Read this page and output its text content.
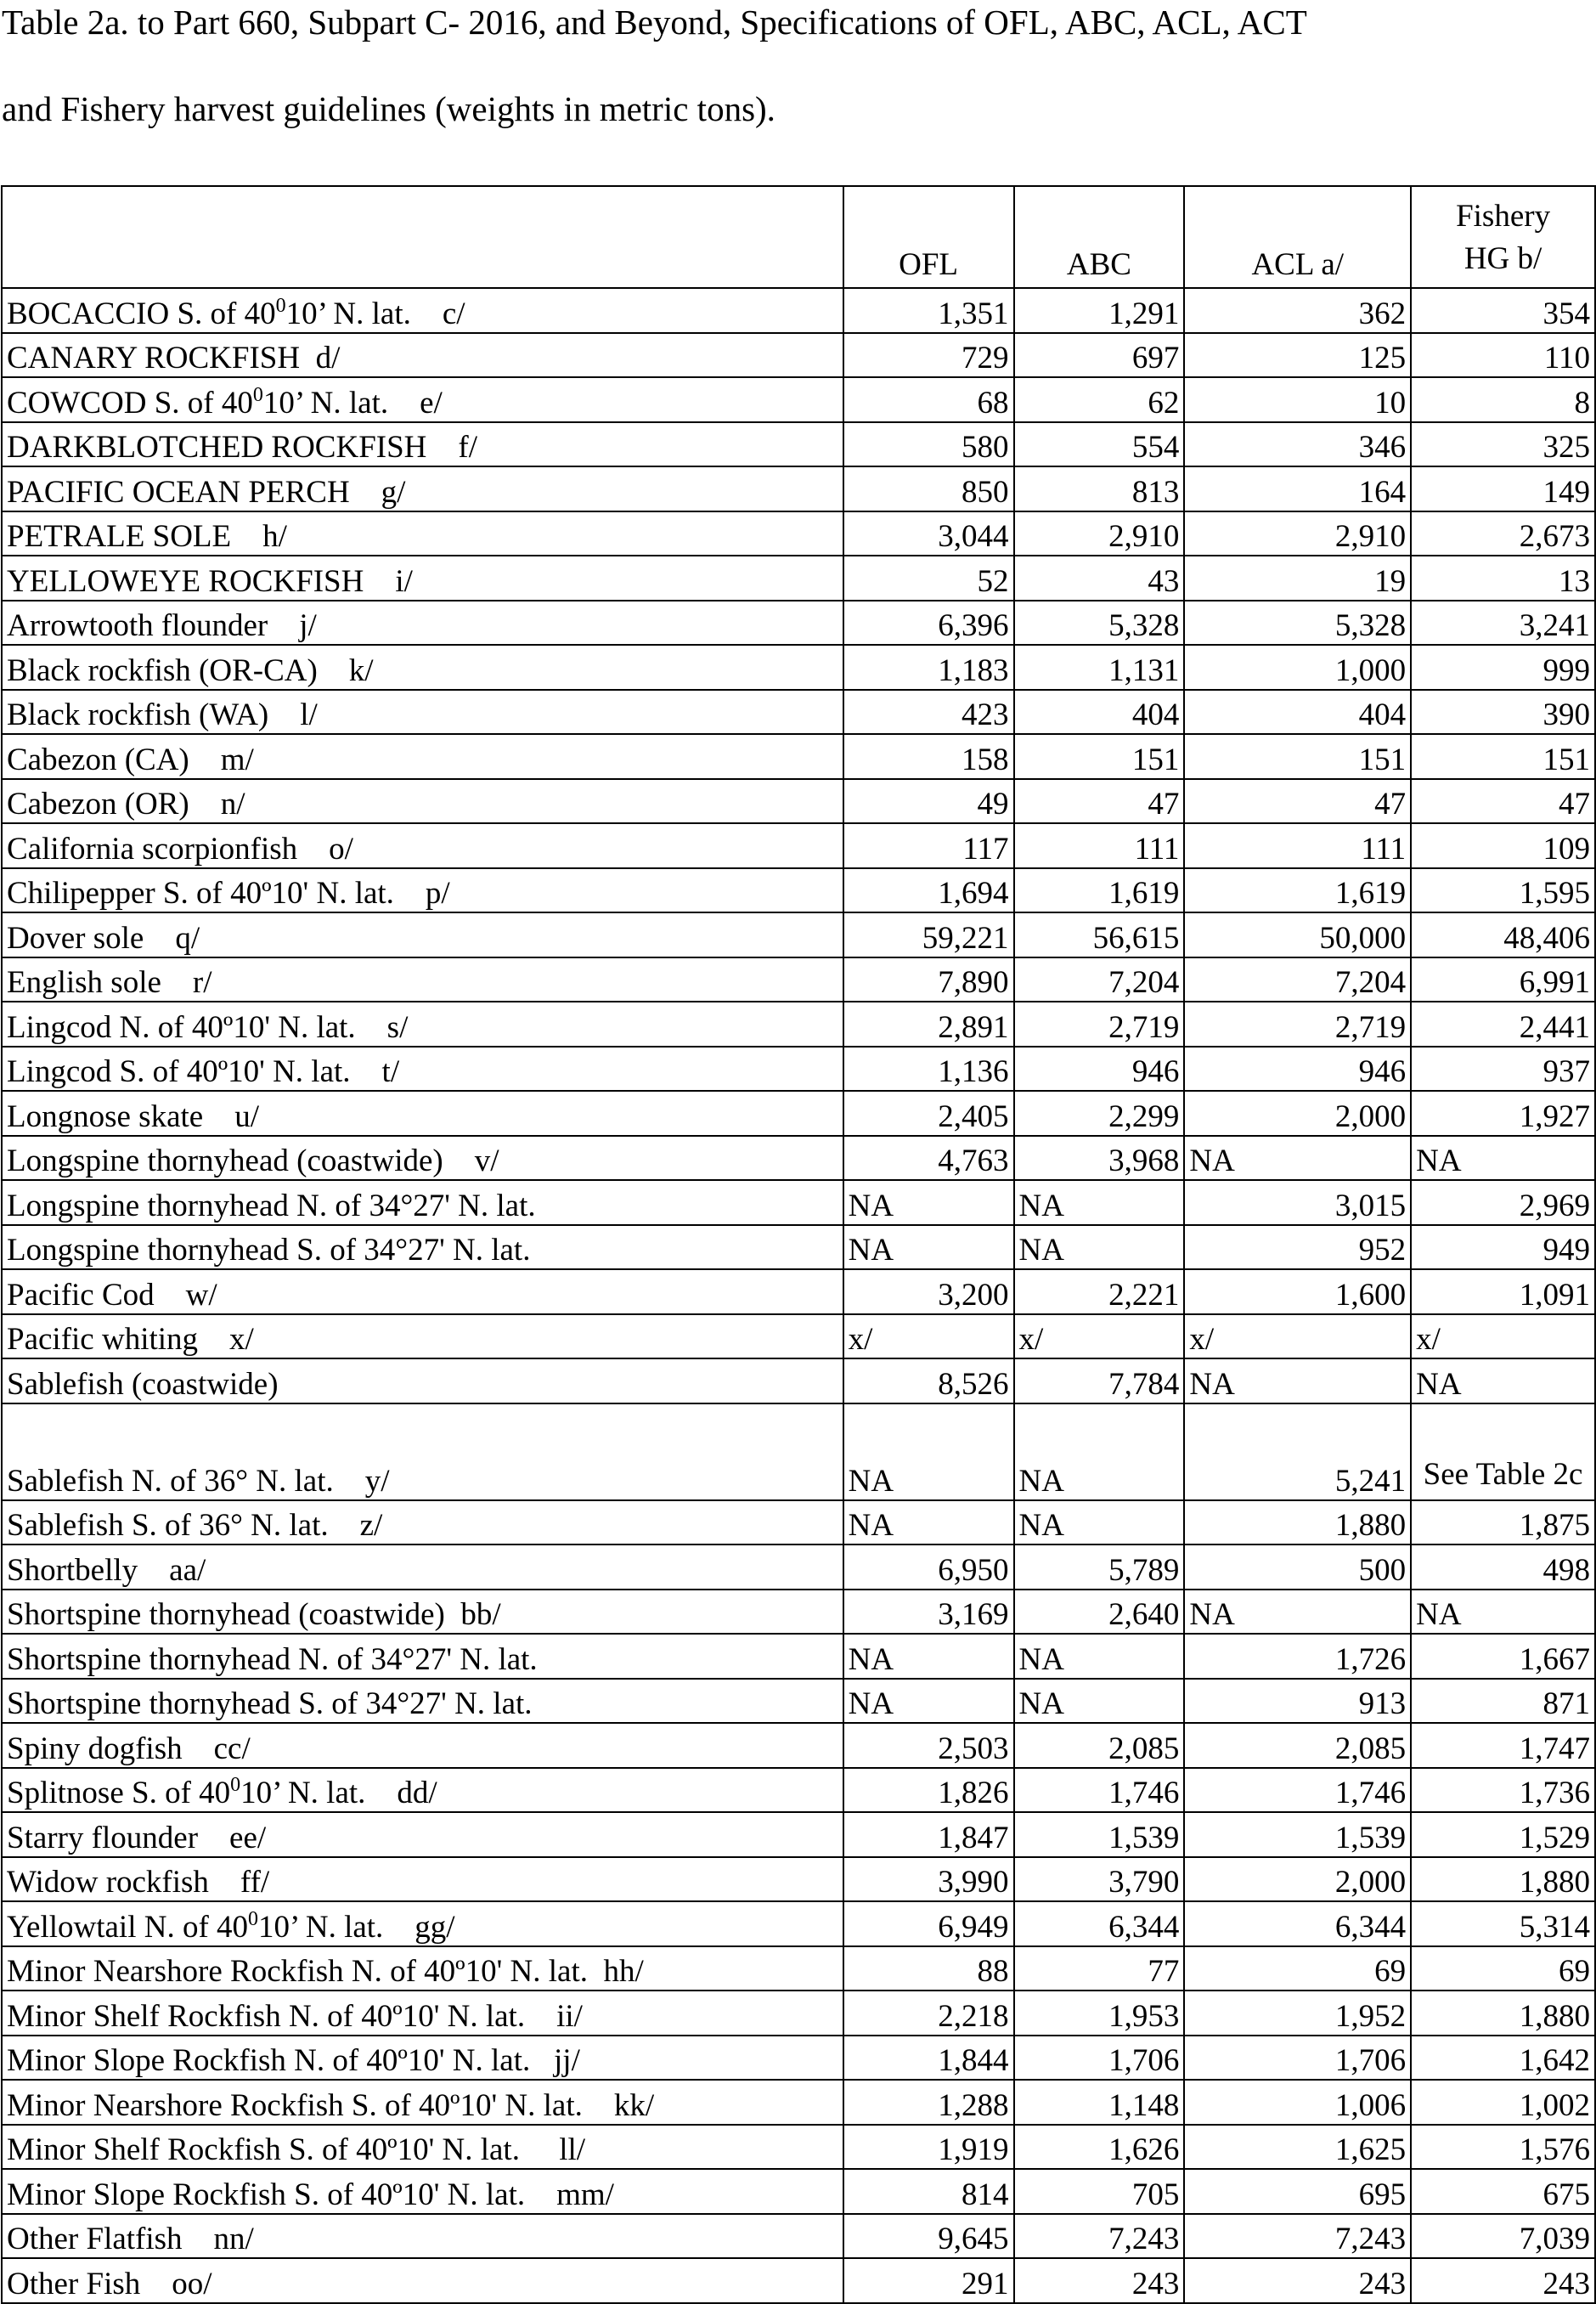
Table 2a. to Part 660, Subpart C- 2016, and Beyond, Specifications of OFL, ABC, ACL, ACT
and Fishery harvest guidelines (weights in metric tons).
	OFL	ABC	ACL a/	Fishery
HG b/
BOCACCIO S. of $40^010$’ N. lat.    c/	1,351	1,291	362	354
CANARY ROCKFISH  d/	729	697	125	110
COWCOD S. of $40^010$’ N. lat.    e/	68	62	10	8
DARKBLOTCHED ROCKFISH    f/	580	554	346	325
PACIFIC OCEAN PERCH    g/	850	813	164	149
PETRALE SOLE    h/	3,044	2,910	2,910	2,673
YELLOWEYE ROCKFISH    i/	52	43	19	13
Arrowtooth flounder    j/	6,396	5,328	5,328	3,241
Black rockfish (OR-CA)    k/	1,183	1,131	1,000	999
Black rockfish (WA)    l/	423	404	404	390
Cabezon (CA)    m/	158	151	151	151
Cabezon (OR)    n/	49	47	47	47
California scorpionfish    o/	117	111	111	109
Chilipepper S. of 40º10' N. lat.    p/	1,694	1,619	1,619	1,595
Dover sole    q/	59,221	56,615	50,000	48,406
English sole    r/	7,890	7,204	7,204	6,991
Lingcod N. of 40º10' N. lat.    s/	2,891	2,719	2,719	2,441
Lingcod S. of 40º10' N. lat.    t/	1,136	946	946	937
Longnose skate    u/	2,405	2,299	2,000	1,927
Longspine thornyhead (coastwide)    v/	4,763	3,968	NA	NA
Longspine thornyhead N. of 34°27' N. lat.	NA	NA	3,015	2,969
Longspine thornyhead S. of 34°27' N. lat.	NA	NA	952	949
Pacific Cod    w/	3,200	2,221	1,600	1,091
Pacific whiting    x/	x/	x/	x/	x/
Sablefish (coastwide)	8,526	7,784	NA	NA
Sablefish N. of 36° N. lat.    y/	NA	NA	5,241	See Table 2c
Sablefish S. of 36° N. lat.    z/	NA	NA	1,880	1,875
Shortbelly    aa/	6,950	5,789	500	498
Shortspine thornyhead (coastwide)  bb/	3,169	2,640	NA	NA
Shortspine thornyhead N. of 34°27' N. lat.	NA	NA	1,726	1,667
Shortspine thornyhead S. of 34°27' N. lat.	NA	NA	913	871
Spiny dogfish    cc/	2,503	2,085	2,085	1,747
Splitnose S. of $40^010$’ N. lat.    dd/	1,826	1,746	1,746	1,736
Starry flounder    ee/	1,847	1,539	1,539	1,529
Widow rockfish    ff/	3,990	3,790	2,000	1,880
Yellowtail N. of $40^010$’ N. lat.    gg/	6,949	6,344	6,344	5,314
Minor Nearshore Rockfish N. of 40º10' N. lat.  hh/	88	77	69	69
Minor Shelf Rockfish N. of 40º10' N. lat.    ii/	2,218	1,953	1,952	1,880
Minor Slope Rockfish N. of 40º10' N. lat.   jj/	1,844	1,706	1,706	1,642
Minor Nearshore Rockfish S. of 40º10' N. lat.    kk/	1,288	1,148	1,006	1,002
Minor Shelf Rockfish S. of 40º10' N. lat.     ll/	1,919	1,626	1,625	1,576
Minor Slope Rockfish S. of 40º10' N. lat.    mm/	814	705	695	675
Other Flatfish    nn/	9,645	7,243	7,243	7,039
Other Fish    oo/	291	243	243	243
